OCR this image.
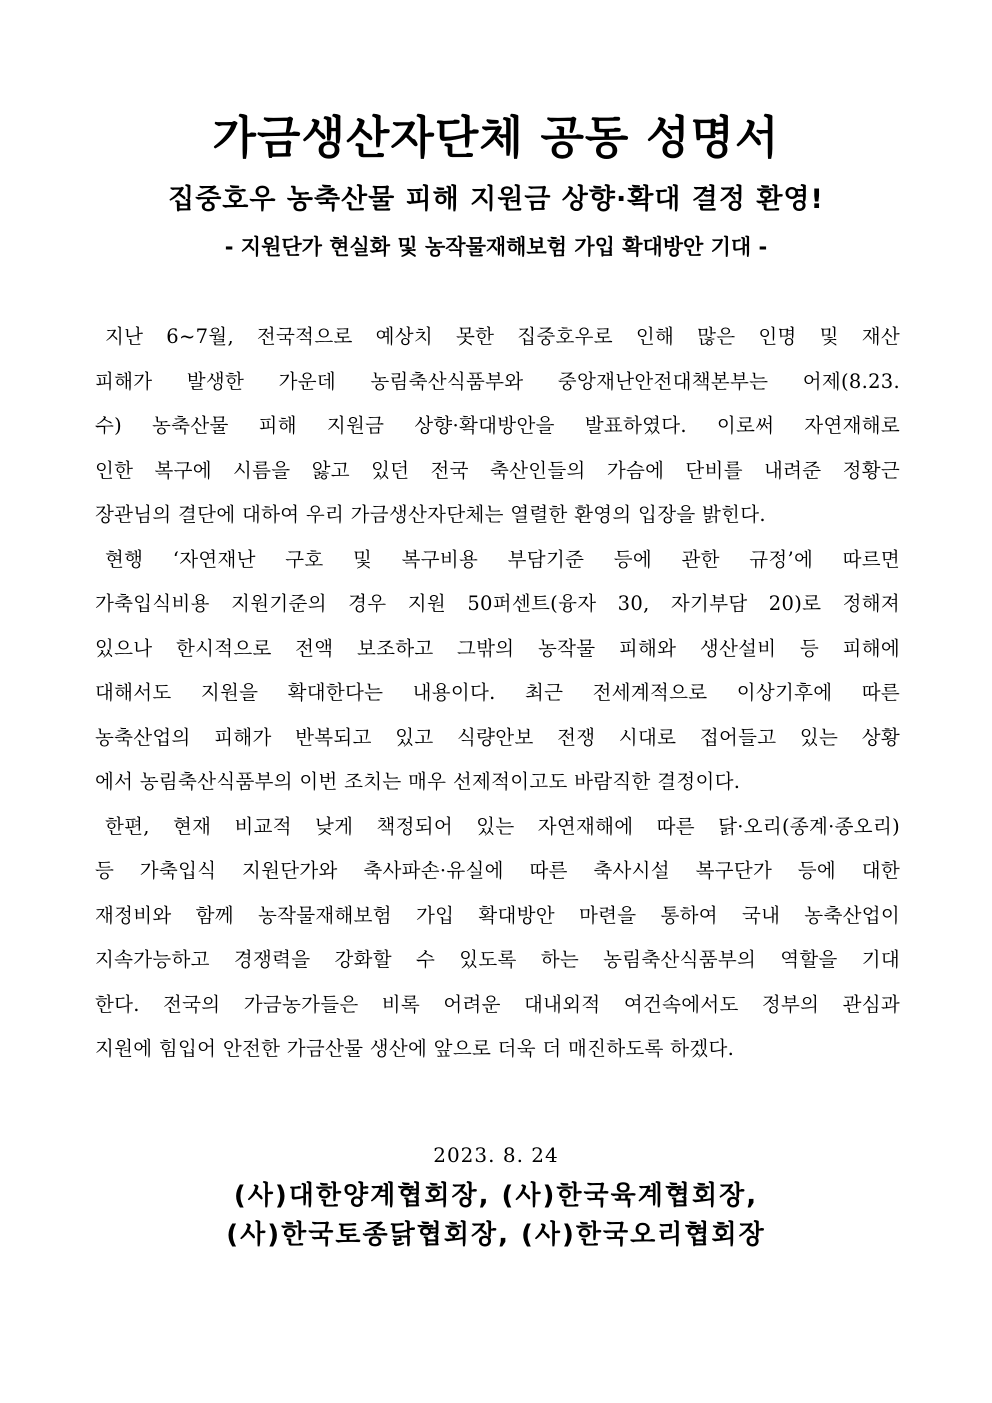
가금생산자단체 공동 성명서
집중호우 농축산물 피해 지원금 상향·확대 결정 환영!
- 지원단가 현실화 및 농작물재해보험 가입 확대방안 기대 -
지난 6~7월, 전국적으로 예상치 못한 집중호우로 인해 많은 인명 및 재산
피해가 발생한 가운데 농림축산식품부와 중앙재난안전대책본부는 어제(8.23.
수) 농축산물 피해 지원금 상향·확대방안을 발표하였다. 이로써 자연재해로
인한 복구에 시름을 앓고 있던 전국 축산인들의 가슴에 단비를 내려준 정황근
장관님의 결단에 대하여 우리 가금생산자단체는 열렬한 환영의 입장을 밝힌다.
현행 ‘자연재난 구호 및 복구비용 부담기준 등에 관한 규정’에 따르면
가축입식비용 지원기준의 경우 지원 50퍼센트(융자 30, 자기부담 20)로 정해져
있으나 한시적으로 전액 보조하고 그밖의 농작물 피해와 생산설비 등 피해에
대해서도 지원을 확대한다는 내용이다. 최근 전세계적으로 이상기후에 따른
농축산업의 피해가 반복되고 있고 식량안보 전쟁 시대로 접어들고 있는 상황
에서 농림축산식품부의 이번 조치는 매우 선제적이고도 바람직한 결정이다.
한편, 현재 비교적 낮게 책정되어 있는 자연재해에 따른 닭·오리(종계·종오리)
등 가축입식 지원단가와 축사파손·유실에 따른 축사시설 복구단가 등에 대한
재정비와 함께 농작물재해보험 가입 확대방안 마련을 통하여 국내 농축산업이
지속가능하고 경쟁력을 강화할 수 있도록 하는 농림축산식품부의 역할을 기대
한다. 전국의 가금농가들은 비록 어려운 대내외적 여건속에서도 정부의 관심과
지원에 힘입어 안전한 가금산물 생산에 앞으로 더욱 더 매진하도록 하겠다.
2023. 8. 24
(사)대한양계협회장, (사)한국육계협회장,
(사)한국토종닭협회장, (사)한국오리협회장
